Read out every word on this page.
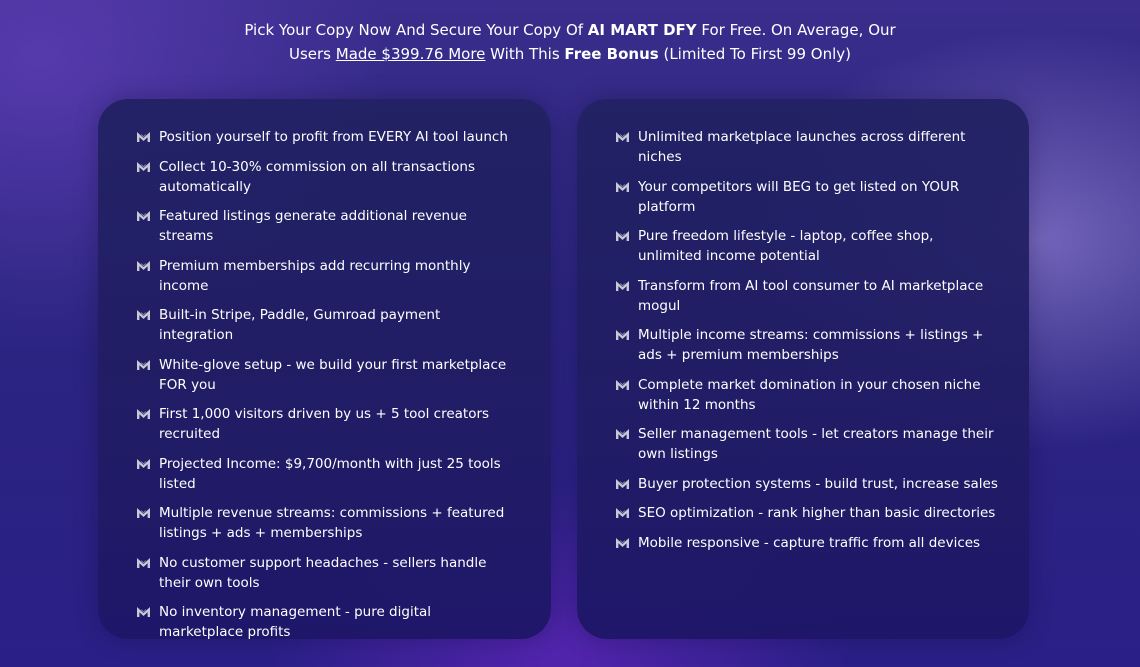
Pick Your Copy Now And Secure Your Copy Of AI MART DFY For Free. On Average, Our
Users Made $399.76 More With This Free Bonus (Limited To First 99 Only)
Position yourself to profit from EVERY AI tool launch
Collect 10-30% commission on all transactions automatically
Featured listings generate additional revenue streams
Premium memberships add recurring monthly income
Built-in Stripe, Paddle, Gumroad payment integration
White-glove setup - we build your first marketplace FOR you
First 1,000 visitors driven by us + 5 tool creators recruited
Projected Income: $9,700/month with just 25 tools listed
Multiple revenue streams: commissions + featured listings + ads + memberships
No customer support headaches - sellers handle their own tools
No inventory management - pure digital marketplace profits
Unlimited marketplace launches across different niches
Your competitors will BEG to get listed on YOUR platform
Pure freedom lifestyle - laptop, coffee shop, unlimited income potential
Transform from AI tool consumer to AI marketplace mogul
Multiple income streams: commissions + listings + ads + premium memberships
Complete market domination in your chosen niche within 12 months
Seller management tools - let creators manage their own listings
Buyer protection systems - build trust, increase sales
SEO optimization - rank higher than basic directories
Mobile responsive - capture traffic from all devices
